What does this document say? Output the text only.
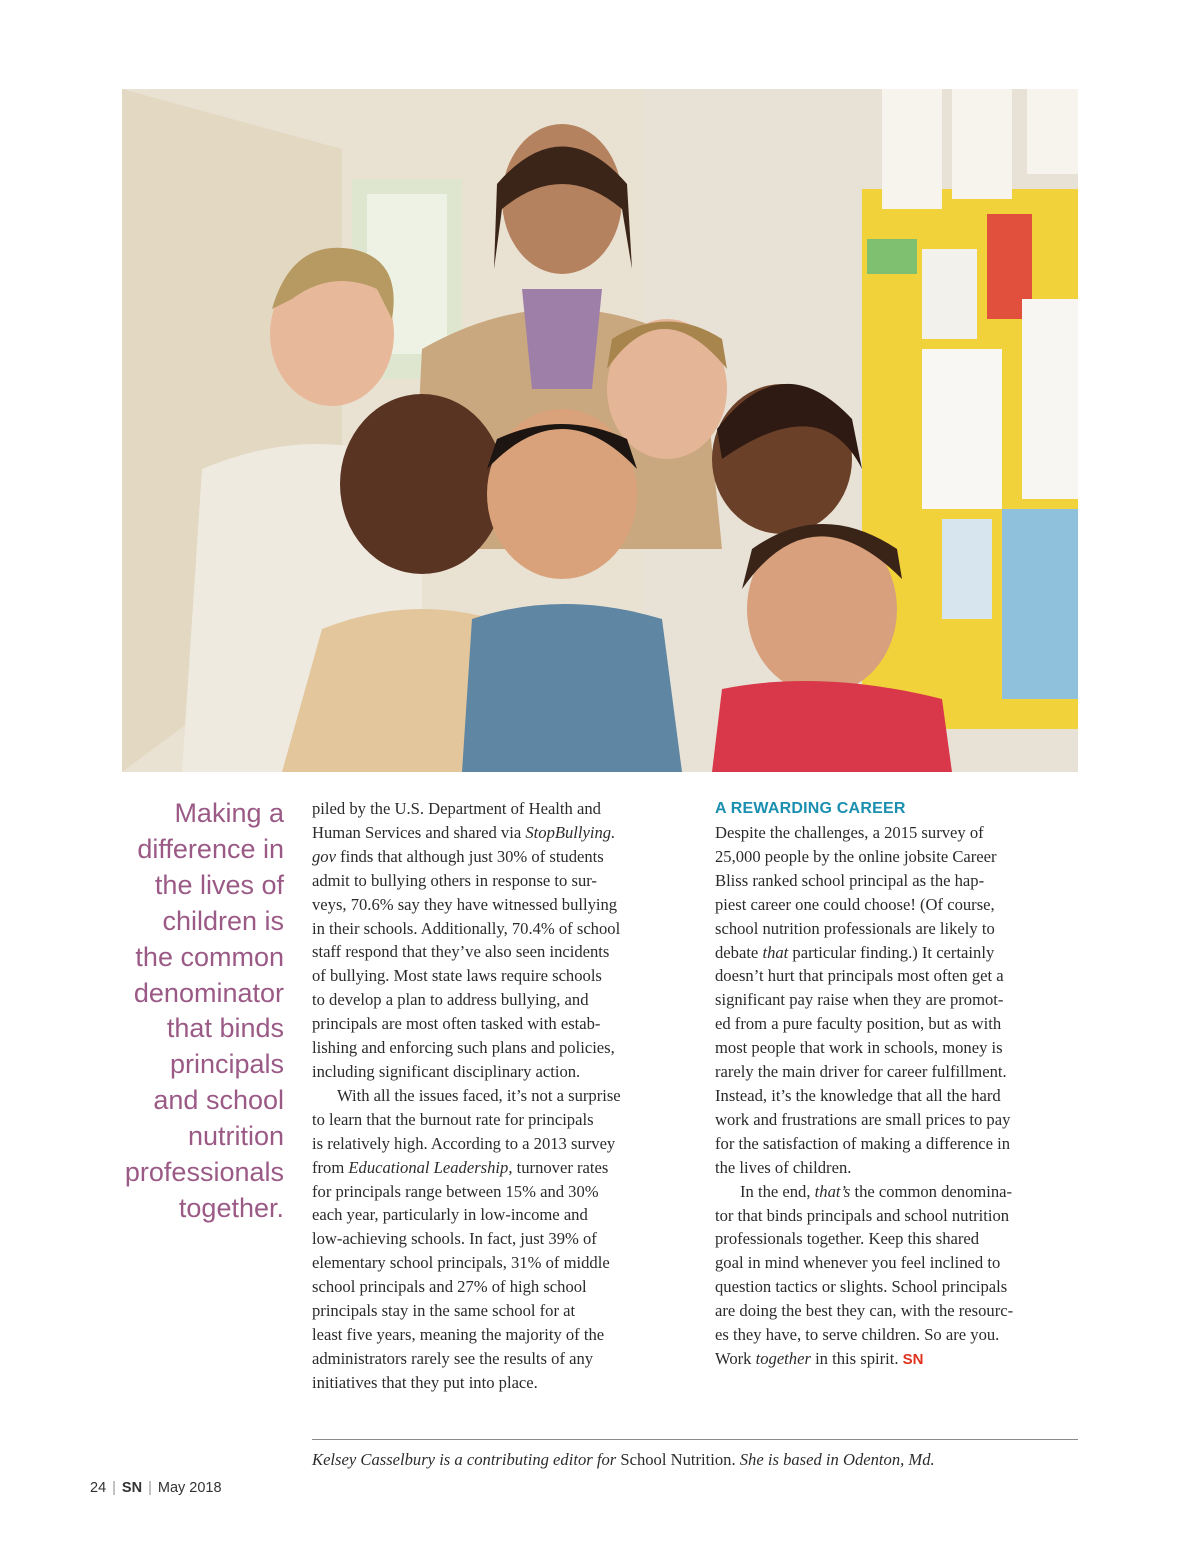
Making a
difference in
the lives of
children is
the common
denominator
that binds
principals
and school
nutrition
professionals
together.

piled by the U.S. Department of Health and
Human Services and shared via StopBullying.
gov finds that although just 30% of students
admit to bullying others in response to sur-
veys, 70.6% say they have witnessed bullying
in their schools. Additionally, 70.4% of school
staff respond that they’ve also seen incidents
of bullying. Most state laws require schools
to develop a plan to address bullying, and
principals are most often tasked with estab-
lishing and enforcing such plans and policies,
including significant disciplinary action.

With all the issues faced, it’s not a surprise
to learn that the burnout rate for principals
is relatively high. According to a 2013 survey
from Educational Leadership, turnover rates
for principals range between 15% and 30%
each year, particularly in low-income and
low-achieving schools. In fact, just 39% of
elementary school principals, 31% of middle
school principals and 27% of high school
principals stay in the same school for at
least five years, meaning the majority of the
administrators rarely see the results of any
initiatives that they put into place.

A REWARDING CAREER

Despite the challenges, a 2015 survey of
25,000 people by the online jobsite Career
Bliss ranked school principal as the hap-
piest career one could choose! (Of course,
school nutrition professionals are likely to
debate that particular finding.) It certainly
doesn’t hurt that principals most often get a
significant pay raise when they are promot-
ed from a pure faculty position, but as with
most people that work in schools, money is
rarely the main driver for career fulfillment.
Instead, it’s the knowledge that all the hard
work and frustrations are small prices to pay
for the satisfaction of making a difference in
the lives of children.

In the end, that’s the common denomina-
tor that binds principals and school nutrition
professionals together. Keep this shared
goal in mind whenever you feel inclined to
question tactics or slights. School principals
are doing the best they can, with the resourc-
es they have, to serve children. So are you.
Work together in this spirit. SN

Kelsey Casselbury is a contributing editor for School Nutrition. She is based in Odenton, Md.
24 | SN | May 2018
